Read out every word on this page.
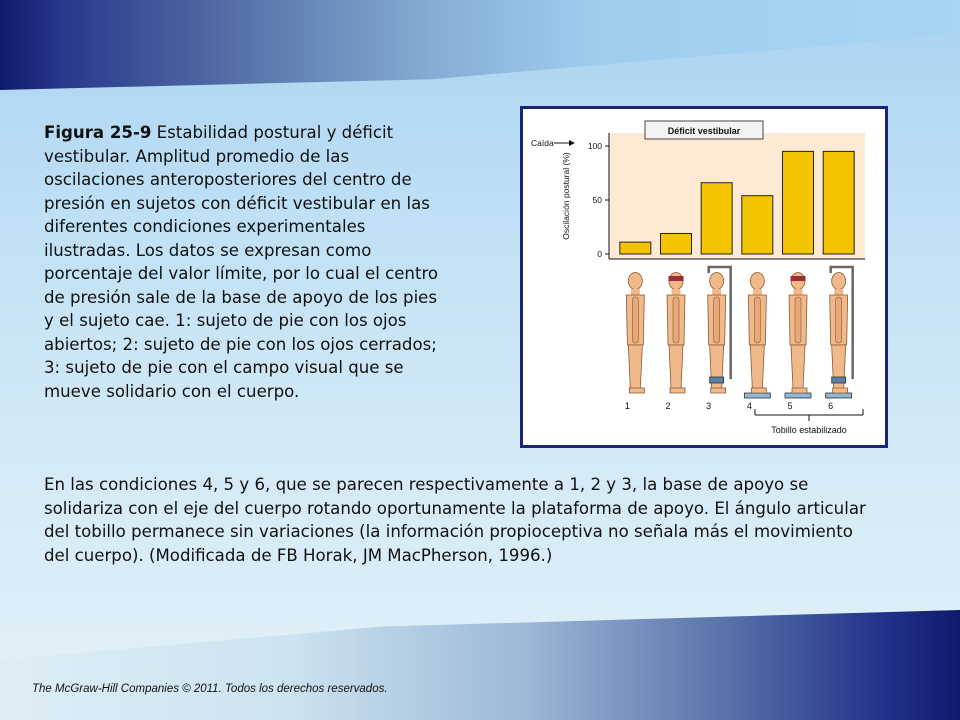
Figura 25-9 Estabilidad postural y déficit vestibular. Amplitud promedio de las oscilaciones anteroposteriores del centro de presión en sujetos con déficit vestibular en las diferentes condiciones experimentales ilustradas. Los datos se expresan como porcentaje del valor límite, por lo cual el centro de presión sale de la base de apoyo de los pies y el sujeto cae. 1: sujeto de pie con los ojos abiertos; 2: sujeto de pie con los ojos cerrados; 3: sujeto de pie con el campo visual que se mueve solidario con el cuerpo.
Déficit vestibular
Oscilación postural (%)
Caída
0
50
100
1	2	3	4	5	6
Tobillo estabilizado
En las condiciones 4, 5 y 6, que se parecen respectivamente a 1, 2 y 3, la base de apoyo se solidariza con el eje del cuerpo rotando oportunamente la plataforma de apoyo. El ángulo articular del tobillo permanece sin variaciones (la información propioceptiva no señala más el movimiento del cuerpo). (Modificada de FB Horak, JM MacPherson, 1996.)
The McGraw-Hill Companies © 2011. Todos los derechos reservados.
